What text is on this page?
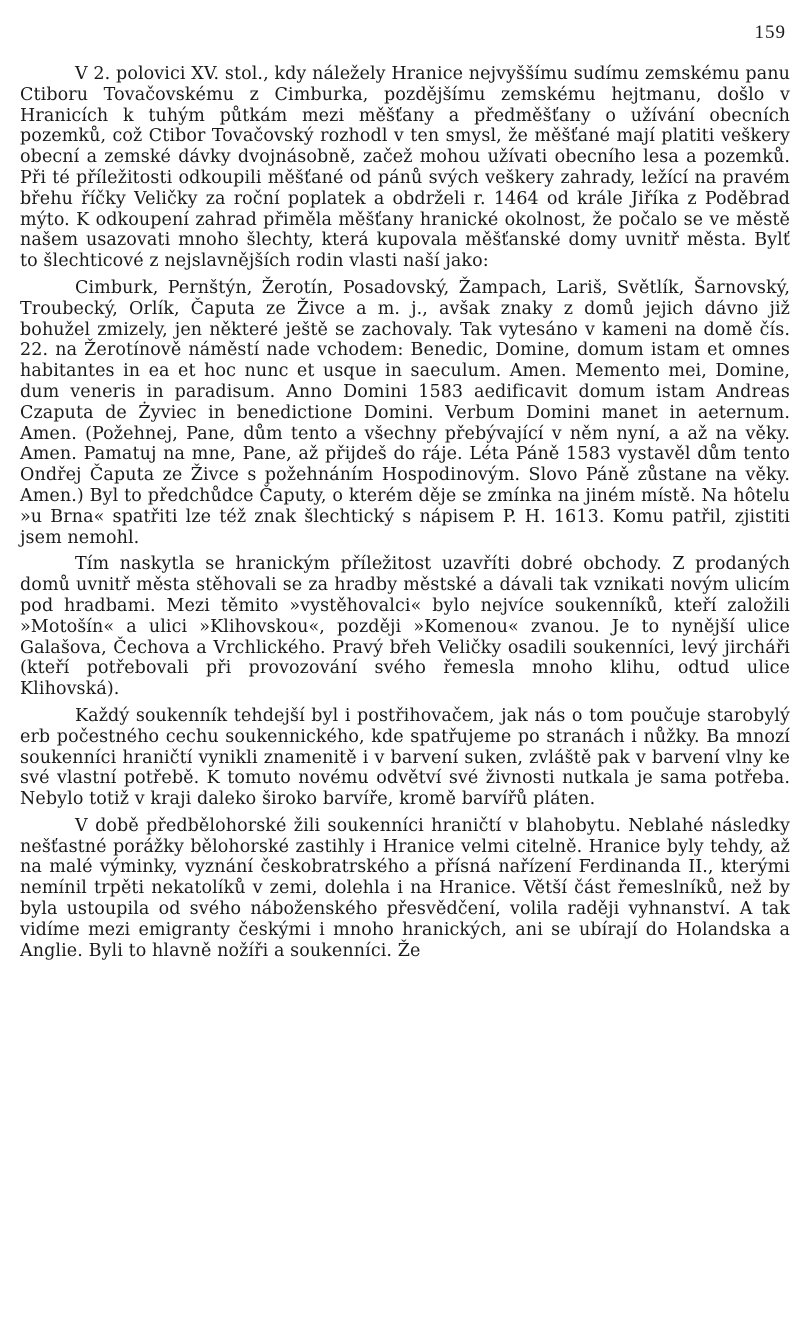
159

V 2. polovici XV. stol., kdy náležely Hranice nejvyššímu sudímu zemskému panu Ctiboru Tovačovskému z Cimburka, pozdějšímu zemskému hejtmanu, došlo v Hranicích k tuhým půtkám mezi měšťany a předměšťany o užívání obecních pozemků, což Ctibor Tovačovský rozhodl v ten smysl, že měšťané mají platiti veškery obecní a zemské dávky dvojnásobně, začež mohou užívati obecního lesa a pozemků. Při té příležitosti odkoupili měšťané od pánů svých veškery zahrady, ležící na pravém břehu říčky Veličky za roční poplatek a obdrželi r. 1464 od krále Jiříka z Poděbrad mýto. K odkoupení zahrad přiměla měšťany hranické okolnost, že počalo se ve městě našem usazovati mnoho šlechty, která kupovala měšťanské domy uvnitř města. Bylť to šlechticové z nejslavnějších rodin vlasti naší jako:

Cimburk, Pernštýn, Žerotín, Posadovský, Žampach, Lariš, Světlík, Šarnovský, Troubecký, Orlík, Čaputa ze Živce a m. j., avšak znaky z domů jejich dávno již bohužel zmizely, jen některé ještě se zachovaly. Tak vytesáno v kameni na domě čís. 22. na Žerotínově náměstí nade vchodem: Benedic, Domine, domum istam et omnes habitantes in ea et hoc nunc et usque in saeculum. Amen. Memento mei, Domine, dum veneris in paradisum. Anno Domini 1583 aedificavit domum istam Andreas Czaputa de Żyviec in benedictione Domini. Verbum Domini manet in aeternum. Amen. (Požehnej, Pane, dům tento a všechny přebývající v něm nyní, a až na věky. Amen. Pamatuj na mne, Pane, až přijdeš do ráje. Léta Páně 1583 vystavěl dům tento Ondřej Čaputa ze Živce s požehnáním Hospodinovým. Slovo Páně zůstane na věky. Amen.) Byl to předchůdce Čaputy, o kterém děje se zmínka na jiném místě. Na hôtelu »u Brna« spatřiti lze též znak šlechtický s nápisem P. H. 1613. Komu patřil, zjistiti jsem nemohl.

Tím naskytla se hranickým příležitost uzavříti dobré obchody. Z prodaných domů uvnitř města stěhovali se za hradby městské a dávali tak vznikati novým ulicím pod hradbami. Mezi těmito »vystěhovalci« bylo nejvíce soukenníků, kteří založili »Motošín« a ulici »Klihovskou«, později »Komenou« zvanou. Je to nynější ulice Galašova, Čechova a Vrchlického. Pravý břeh Veličky osadili soukenníci, levý jircháři (kteří potřebovali při provozování svého řemesla mnoho klihu, odtud ulice Klihovská).

Každý soukenník tehdejší byl i postřihovačem, jak nás o tom poučuje starobylý erb počestného cechu soukennického, kde spatřujeme po stranách i nůžky. Ba mnozí soukenníci hraničtí vynikli znamenitě i v barvení suken, zvláště pak v barvení vlny ke své vlastní potřebě. K tomuto novému odvětví své živnosti nutkala je sama potřeba. Nebylo totiž v kraji daleko široko barvíře, kromě barvířů pláten.

V době předbělohorské žili soukenníci hraničtí v blahobytu. Neblahé následky nešťastné porážky bělohorské zastihly i Hranice velmi citelně. Hranice byly tehdy, až na malé výminky, vyznání českobratrského a přísná nařízení Ferdinanda II., kterými nemínil trpěti nekatolíků v zemi, dolehla i na Hranice. Větší část řemeslníků, než by byla ustoupila od svého náboženského přesvědčení, volila raději vyhnanství. A tak vidíme mezi emigranty českými i mnoho hranických, ani se ubírají do Holandska a Anglie. Byli to hlavně nožíři a soukenníci. Že
